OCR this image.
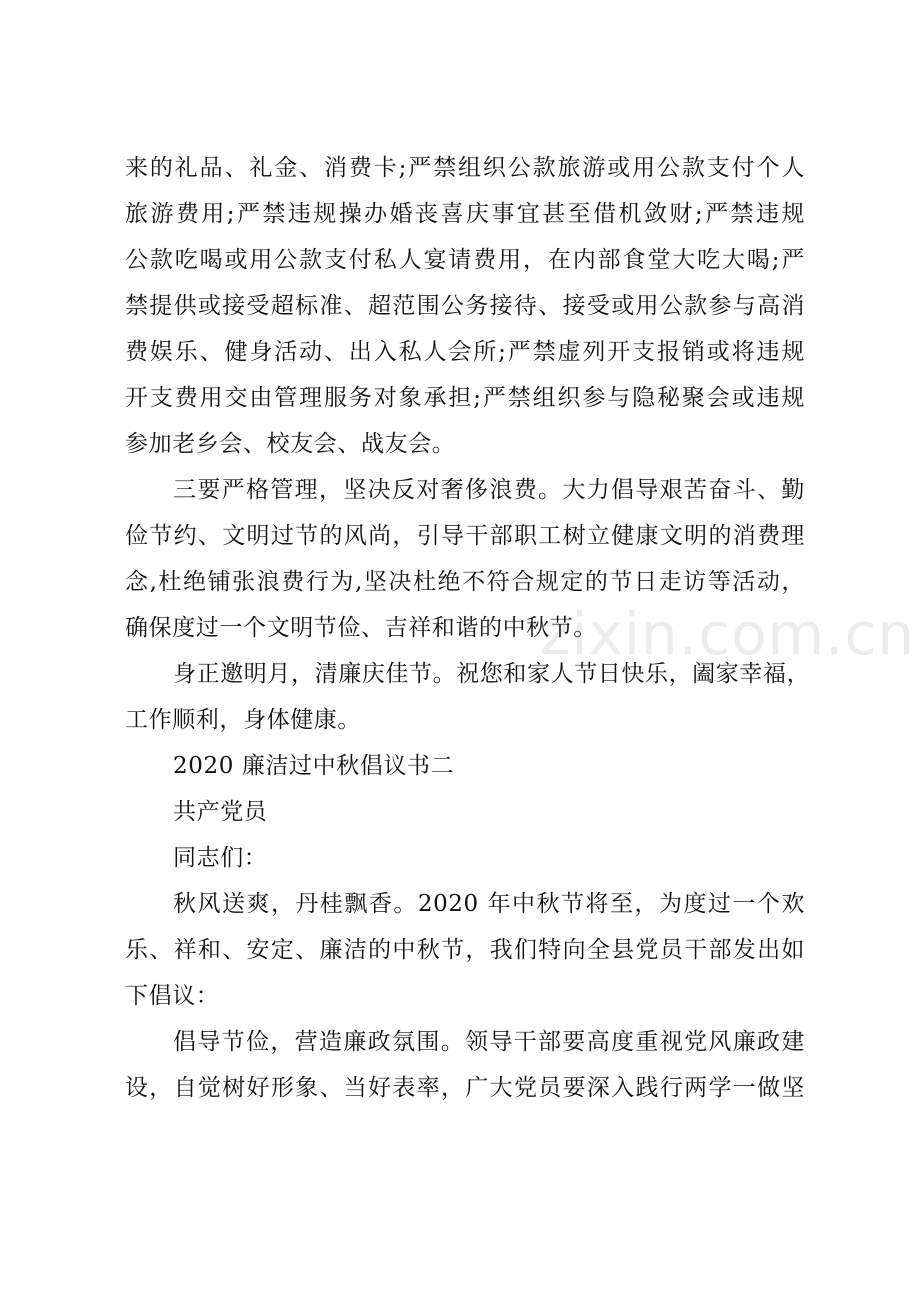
来的礼品、礼金、消费卡;严禁组织公款旅游或用公款支付个人
旅游费用;严禁违规操办婚丧喜庆事宜甚至借机敛财;严禁违规
公款吃喝或用公款支付私人宴请费用，在内部食堂大吃大喝;严
禁提供或接受超标准、超范围公务接待、接受或用公款参与高消
费娱乐、健身活动、出入私人会所;严禁虚列开支报销或将违规
开支费用交由管理服务对象承担;严禁组织参与隐秘聚会或违规
参加老乡会、校友会、战友会。
三要严格管理，坚决反对奢侈浪费。大力倡导艰苦奋斗、勤
俭节约、文明过节的风尚，引导干部职工树立健康文明的消费理
念,杜绝铺张浪费行为,坚决杜绝不符合规定的节日走访等活动，
确保度过一个文明节俭、吉祥和谐的中秋节。
身正邀明月，清廉庆佳节。祝您和家人节日快乐，阖家幸福，
工作顺利，身体健康。
2020 廉洁过中秋倡议书二
共产党员
同志们：
秋风送爽，丹桂飘香。2020 年中秋节将至，为度过一个欢
乐、祥和、安定、廉洁的中秋节，我们特向全县党员干部发出如
下倡议：
倡导节俭，营造廉政氛围。领导干部要高度重视党风廉政建
设，自觉树好形象、当好表率，广大党员要深入践行两学一做坚
zixin.com.cn
